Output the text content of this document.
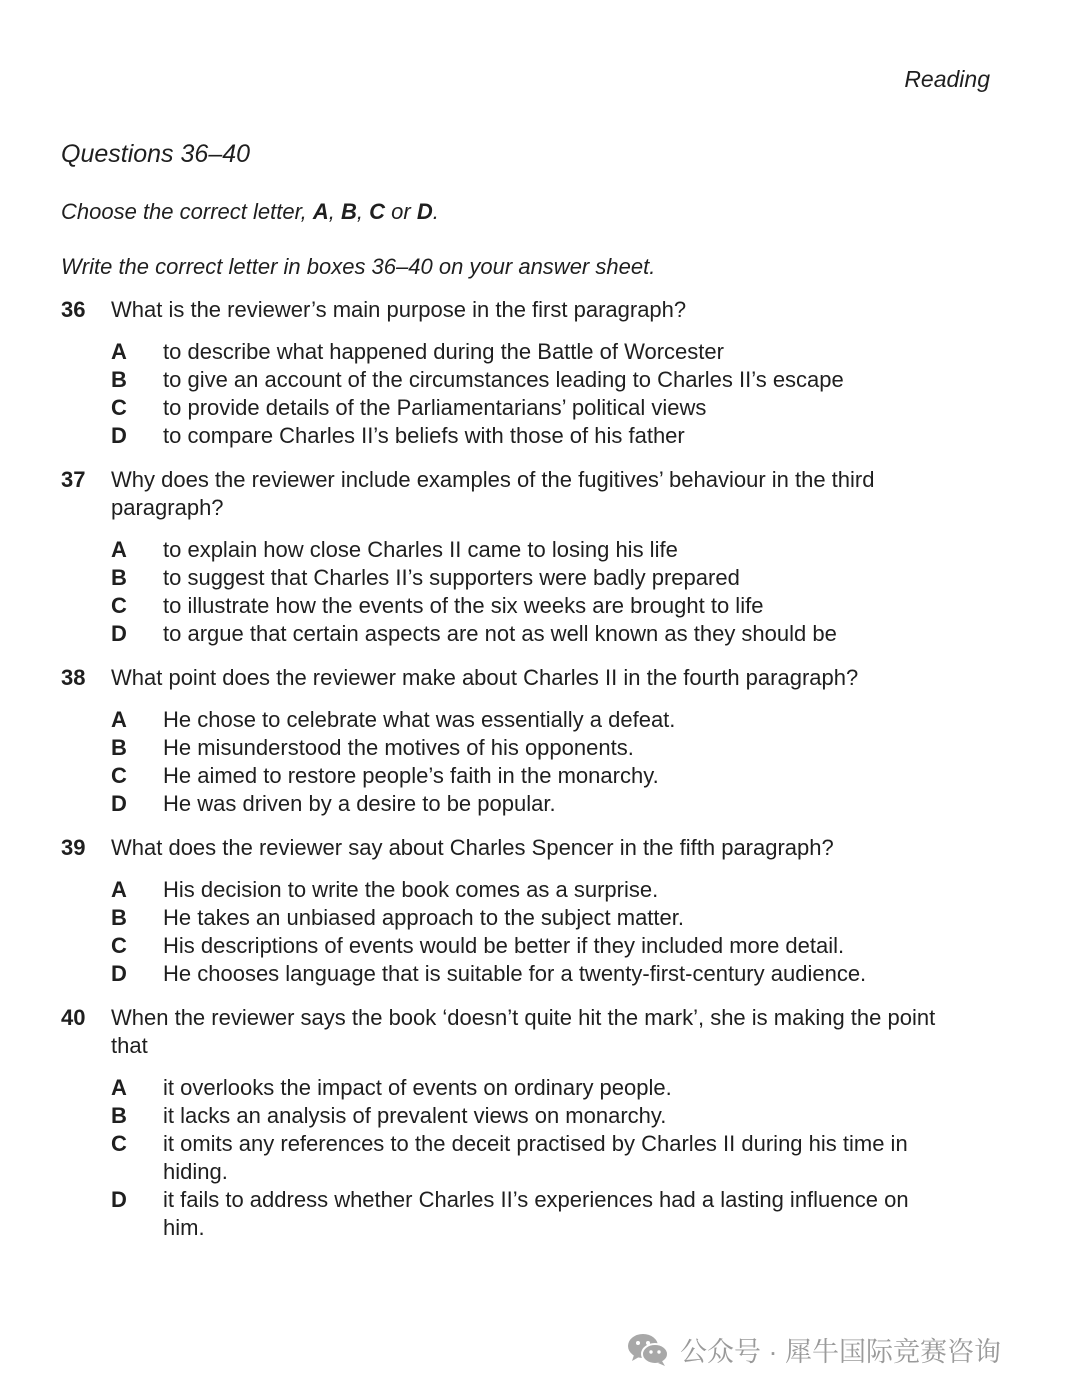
Reading
Questions 36–40
Choose the correct letter, A, B, C or D.
Write the correct letter in boxes 36–40 on your answer sheet.
36	What is the reviewer’s main purpose in the first paragraph?
A	to describe what happened during the Battle of Worcester
B	to give an account of the circumstances leading to Charles II’s escape
C	to provide details of the Parliamentarians’ political views
D	to compare Charles II’s beliefs with those of his father
37	Why does the reviewer include examples of the fugitives’ behaviour in the third paragraph?
A	to explain how close Charles II came to losing his life
B	to suggest that Charles II’s supporters were badly prepared
C	to illustrate how the events of the six weeks are brought to life
D	to argue that certain aspects are not as well known as they should be
38	What point does the reviewer make about Charles II in the fourth paragraph?
A	He chose to celebrate what was essentially a defeat.
B	He misunderstood the motives of his opponents.
C	He aimed to restore people’s faith in the monarchy.
D	He was driven by a desire to be popular.
39	What does the reviewer say about Charles Spencer in the fifth paragraph?
A	His decision to write the book comes as a surprise.
B	He takes an unbiased approach to the subject matter.
C	His descriptions of events would be better if they included more detail.
D	He chooses language that is suitable for a twenty-first-century audience.
40	When the reviewer says the book ‘doesn’t quite hit the mark’, she is making the point that
A	it overlooks the impact of events on ordinary people.
B	it lacks an analysis of prevalent views on monarchy.
C	it omits any references to the deceit practised by Charles II during his time in hiding.
D	it fails to address whether Charles II’s experiences had a lasting influence on him.
公众号 · 犀牛国际竞赛咨询
